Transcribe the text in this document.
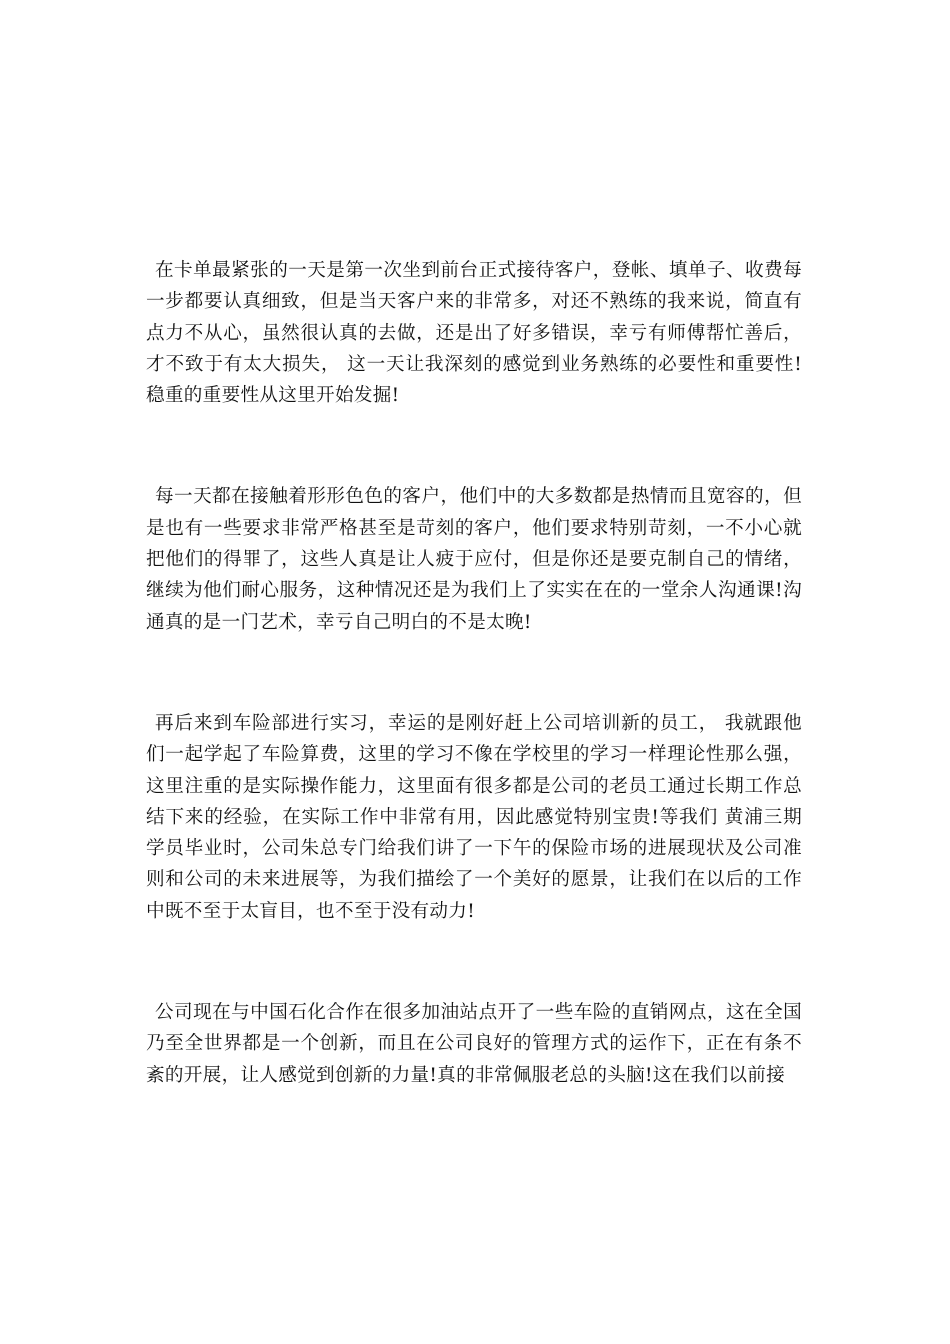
在卡单最紧张的一天是第一次坐到前台正式接待客户，登帐、填单子、收费每一步都要认真细致，但是当天客户来的非常多，对还不熟练的我来说，简直有点力不从心，虽然很认真的去做，还是出了好多错误，幸亏有师傅帮忙善后，才不致于有太大损失， 这一天让我深刻的感觉到业务熟练的必要性和重要性!稳重的重要性从这里开始发掘!

每一天都在接触着形形色色的客户，他们中的大多数都是热情而且宽容的，但是也有一些要求非常严格甚至是苛刻的客户，他们要求特别苛刻，一不小心就把他们的得罪了，这些人真是让人疲于应付，但是你还是要克制自己的情绪，继续为他们耐心服务，这种情况还是为我们上了实实在在的一堂余人沟通课!沟通真的是一门艺术，幸亏自己明白的不是太晚!

再后来到车险部进行实习，幸运的是刚好赶上公司培训新的员工， 我就跟他们一起学起了车险算费，这里的学习不像在学校里的学习一样理论性那么强，这里注重的是实际操作能力，这里面有很多都是公司的老员工通过长期工作总结下来的经验，在实际工作中非常有用，因此感觉特别宝贵!等我们 黄浦三期学员毕业时，公司朱总专门给我们讲了一下午的保险市场的进展现状及公司准则和公司的未来进展等，为我们描绘了一个美好的愿景，让我们在以后的工作中既不至于太盲目，也不至于没有动力!

公司现在与中国石化合作在很多加油站点开了一些车险的直销网点，这在全国乃至全世界都是一个创新，而且在公司良好的管理方式的运作下，正在有条不紊的开展，让人感觉到创新的力量!真的非常佩服老总的头脑!这在我们以前接
